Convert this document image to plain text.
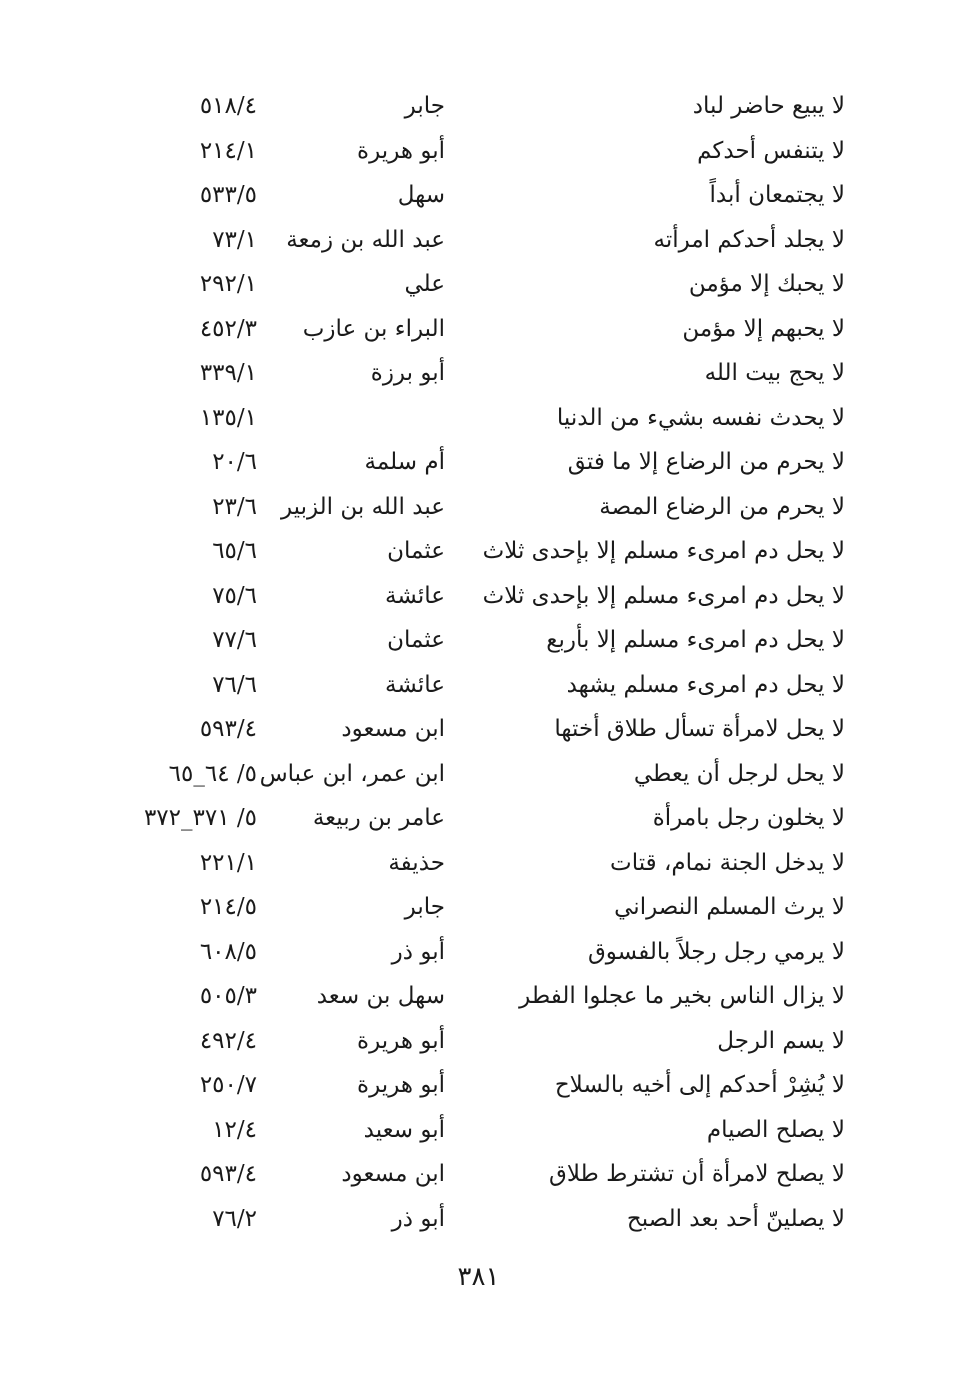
لا يبيع حاضر لباد
جابر
٥١٨/٤
لا يتنفس أحدكم
أبو هريرة
٢١٤/١
لا يجتمعان أبداً
سهل
٥٣٣/٥
لا يجلد أحدكم امرأته
عبد الله بن زمعة
٧٣/١
لا يحبك إلا مؤمن
علي
٢٩٢/١
لا يحبهم إلا مؤمن
البراء بن عازب
٤٥٢/٣
لا يحج بيت الله
أبو برزة
٣٣٩/١
لا يحدث نفسه بشيء من الدنيا
١٣٥/١
لا يحرم من الرضاع إلا ما فتق
أم سلمة
٢٠/٦
لا يحرم من الرضاع المصة
عبد الله بن الزبير
٢٣/٦
لا يحل دم امرىء مسلم إلا بإحدى ثلاث
عثمان
٦٥/٦
لا يحل دم امرىء مسلم إلا بإحدى ثلاث
عائشة
٧٥/٦
لا يحل دم امرىء مسلم إلا بأربع
عثمان
٧٧/٦
لا يحل دم امرىء مسلم يشهد
عائشة
٧٦/٦
لا يحل لامرأة تسأل طلاق أختها
ابن مسعود
٥٩٣/٤
لا يحل لرجل أن يعطي
ابن عمر، ابن عباس
٥/ ٦٤_٦٥
لا يخلون رجل بامرأة
عامر بن ربيعة
٥/ ٣٧١_٣٧٢
لا يدخل الجنة نمام، قتات
حذيفة
٢٢١/١
لا يرث المسلم النصراني
جابر
٢١٤/٥
لا يرمي رجل رجلاً بالفسوق
أبو ذر
٦٠٨/٥
لا يزال الناس بخير ما عجلوا الفطر
سهل بن سعد
٥٠٥/٣
لا يسم الرجل
أبو هريرة
٤٩٢/٤
لا يُشِرْ أحدكم إلى أخيه بالسلاح
أبو هريرة
٢٥٠/٧
لا يصلح الصيام
أبو سعيد
١٢/٤
لا يصلح لامرأة أن تشترط طلاق
ابن مسعود
٥٩٣/٤
لا يصلينّ أحد بعد الصبح
أبو ذر
٧٦/٢
٣٨١
